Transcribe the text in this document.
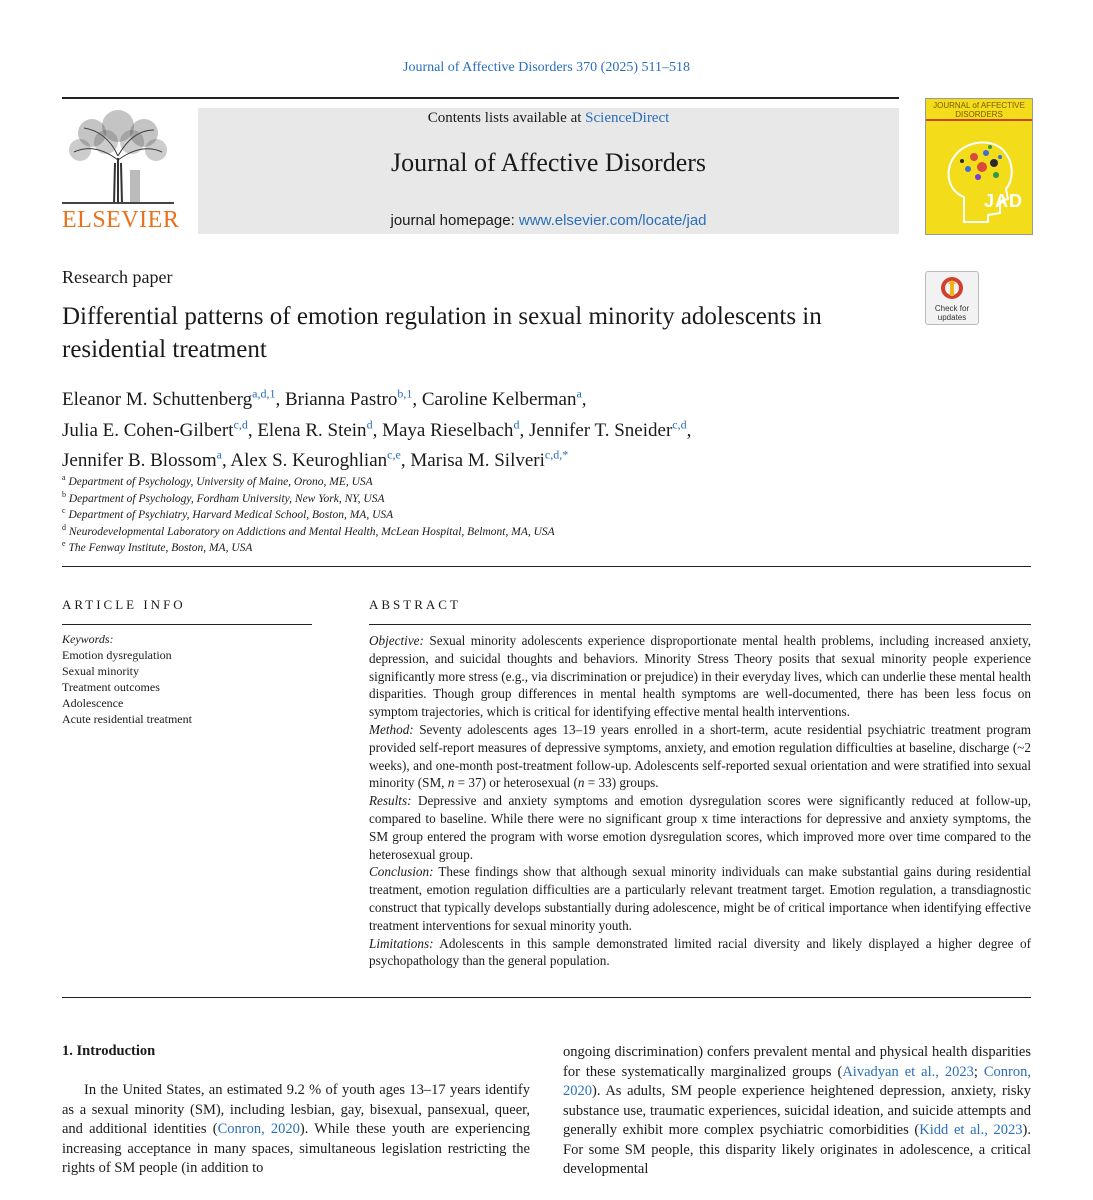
Journal of Affective Disorders 370 (2025) 511–518
ELSEVIER
Contents lists available at ScienceDirect
Journal of Affective Disorders
journal homepage: www.elsevier.com/locate/jad
JOURNAL of AFFECTIVE DISORDERS
JAD
Research paper
Differential patterns of emotion regulation in sexual minority adolescents in residential treatment
Check for
updates
Eleanor M. Schuttenberg$^{a,d,1}$, Brianna Pastro$^{b,1}$, Caroline Kelberman$^a$,
Julia E. Cohen-Gilbert$^{c,d}$, Elena R. Stein$^d$, Maya Rieselbach$^d$, Jennifer T. Sneider$^{c,d}$,
Jennifer B. Blossom$^a$, Alex S. Keuroghlian$^{c,e}$, Marisa M. Silveri$^{c,d,*}$
$^a$ Department of Psychology, University of Maine, Orono, ME, USA
$^b$ Department of Psychology, Fordham University, New York, NY, USA
$^c$ Department of Psychiatry, Harvard Medical School, Boston, MA, USA
$^d$ Neurodevelopmental Laboratory on Addictions and Mental Health, McLean Hospital, Belmont, MA, USA
$^e$ The Fenway Institute, Boston, MA, USA
ARTICLE INFO	ABSTRACT
Keywords:
Emotion dysregulation
Sexual minority
Treatment outcomes
Adolescence
Acute residential treatment

Objective: Sexual minority adolescents experience disproportionate mental health problems, including increased anxiety, depression, and suicidal thoughts and behaviors. Minority Stress Theory posits that sexual minority people experience significantly more stress (e.g., via discrimination or prejudice) in their everyday lives, which can underlie these mental health disparities. Though group differences in mental health symptoms are well-documented, there has been less focus on symptom trajectories, which is critical for identifying effective mental health interventions.

Method: Seventy adolescents ages 13–19 years enrolled in a short-term, acute residential psychiatric treatment program provided self-report measures of depressive symptoms, anxiety, and emotion regulation difficulties at baseline, discharge (~2 weeks), and one-month post-treatment follow-up. Adolescents self-reported sexual orientation and were stratified into sexual minority (SM, n = 37) or heterosexual (n = 33) groups.

Results: Depressive and anxiety symptoms and emotion dysregulation scores were significantly reduced at follow-up, compared to baseline. While there were no significant group x time interactions for depressive and anxiety symptoms, the SM group entered the program with worse emotion dysregulation scores, which improved more over time compared to the heterosexual group.

Conclusion: These findings show that although sexual minority individuals can make substantial gains during residential treatment, emotion regulation difficulties are a particularly relevant treatment target. Emotion regulation, a transdiagnostic construct that typically develops substantially during adolescence, might be of critical importance when identifying effective treatment interventions for sexual minority youth.

Limitations: Adolescents in this sample demonstrated limited racial diversity and likely displayed a higher degree of psychopathology than the general population.

1. Introduction
In the United States, an estimated 9.2 % of youth ages 13–17 years identify as a sexual minority (SM), including lesbian, gay, bisexual, pansexual, queer, and additional identities (Conron, 2020). While these youth are experiencing increasing acceptance in many spaces, simultaneous legislation restricting the rights of SM people (in addition to
ongoing discrimination) confers prevalent mental and physical health disparities for these systematically marginalized groups (Aivadyan et al., 2023; Conron, 2020). As adults, SM people experience heightened depression, anxiety, risky substance use, traumatic experiences, suicidal ideation, and suicide attempts and generally exhibit more complex psychiatric comorbidities (Kidd et al., 2023). For some SM people, this disparity likely originates in adolescence, a critical developmental
